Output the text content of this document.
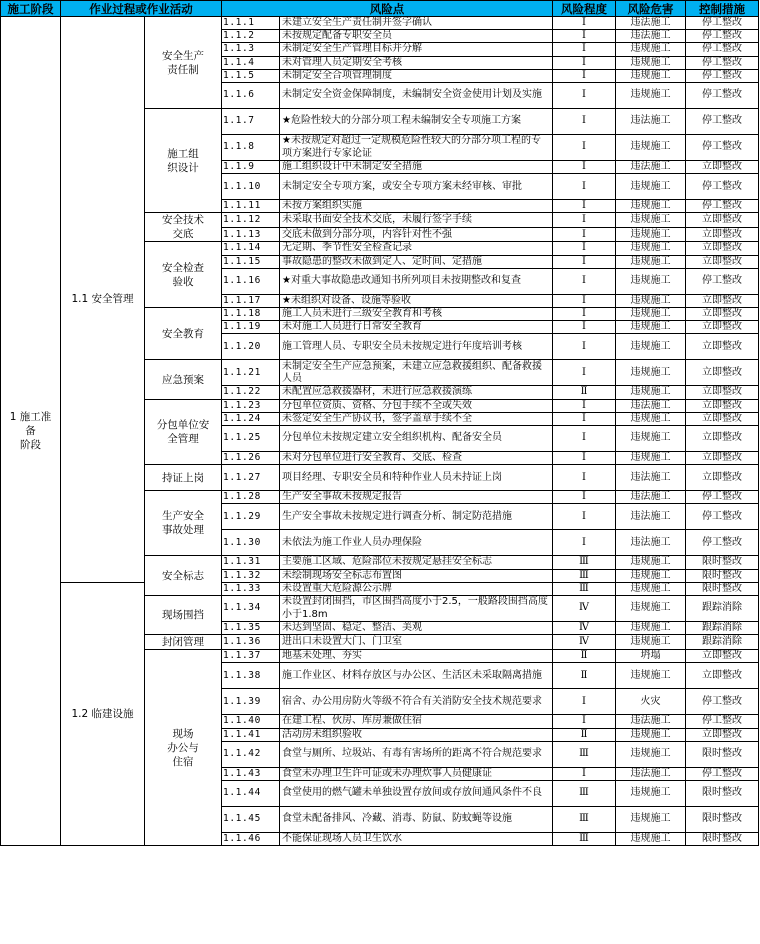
施工阶段	作业过程或作业活动		风险点		风险程度	风险危害	控制措施
1 施工准
备
阶段	1.1 安全管理	安全生产
责任制	1.1.1	未建立安全生产责任制并签字确认	Ⅰ	违法施工	停工整改
			1.1.2	未按规定配备专职安全员	Ⅰ	违法施工	停工整改
			1.1.3	未制定安全生产管理目标并分解	Ⅰ	违规施工	停工整改
			1.1.4	未对管理人员定期安全考核	Ⅰ	违规施工	停工整改
			1.1.5	未制定安全合项管理制度	Ⅰ	违规施工	停工整改
			1.1.6	未制定安全资金保障制度，未编制安全资金使用计划及实施	Ⅰ	违规施工	停工整改
		施工组
织设计	1.1.7	★危险性较大的分部分项工程未编制安全专项施工方案	Ⅰ	违法施工	停工整改
			1.1.8	★未按规定对超过一定规模危险性较大的分部分项工程的专项方案进行专家论证	Ⅰ	违规施工	停工整改
			1.1.9	施工组织设计中未制定安全措施	Ⅰ	违法施工	立即整改
			1.1.10	未制定安全专项方案，或安全专项方案未经审核、审批	Ⅰ	违规施工	停工整改
			1.1.11	未按方案组织实施	Ⅰ	违规施工	停工整改
		安全技术
交底	1.1.12	未采取书面安全技术交底，未履行签字手续	Ⅰ	违规施工	立即整改
			1.1.13	交底未做到分部分项，内容针对性不强	Ⅰ	违规施工	立即整改
		安全检查
验收	1.1.14	无定期、季节性安全检查记录	Ⅰ	违规施工	立即整改
			1.1.15	事故隐患的整改未做到定人、定时间、定措施	Ⅰ	违规施工	立即整改
			1.1.16	★对重大事故隐患改通知书所列项目未按期整改和复查	Ⅰ	违规施工	停工整改
			1.1.17	★未组织对设备、设施等验收	Ⅰ	违规施工	立即整改
		安全教育	1.1.18	施工人员未进行三级安全教育和考核	Ⅰ	违规施工	立即整改
			1.1.19	未对施工人员进行日常安全教育	Ⅰ	违规施工	立即整改
			1.1.20	施工管理人员、专职安全员未按规定进行年度培训考核	Ⅰ	违规施工	立即整改
		应急预案	1.1.21	未制定安全生产应急预案，未建立应急救援组织、配备救援人员	Ⅰ	违规施工	立即整改
			1.1.22	未配置应急救援器材，未进行应急救援演练	Ⅱ	违规施工	立即整改
		分包单位安
全管理	1.1.23	分包单位资质、资格、分包手续不全或失效	Ⅰ	违法施工	立即整改
			1.1.24	未签定安全生产协议书，签字盖章手续不全	Ⅰ	违规施工	立即整改
			1.1.25	分包单位未按规定建立安全组织机构、配备安全员	Ⅰ	违规施工	立即整改
			1.1.26	未对分包单位进行安全教育、交底、检查	Ⅰ	违规施工	立即整改
		持证上岗	1.1.27	项目经理、专职安全员和特种作业人员未持证上岗	Ⅰ	违法施工	立即整改
		生产安全
事故处理	1.1.28	生产安全事故未按规定报告	Ⅰ	违法施工	停工整改
			1.1.29	生产安全事故未按规定进行调查分析、制定防范措施	Ⅰ	违法施工	停工整改
			1.1.30	未依法为施工作业人员办理保险	Ⅰ	违法施工	停工整改
		安全标志	1.1.31	主要施工区域、危险部位未按规定悬挂安全标志	Ⅲ	违规施工	限时整改
			1.1.32	未绘制现场安全标志布置图	Ⅲ	违规施工	限时整改
	1.2 临建设施		1.1.33	未设置重大危险源公示牌	Ⅲ	违规施工	限时整改
		现场围挡	1.1.34	未设置封闭围挡，市区围挡高度小于2.5，一般路段围挡高度小于1.8m	Ⅳ	违规施工	跟踪消除
			1.1.35	未达到坚固、稳定、整洁、美观	Ⅳ	违规施工	跟踪消除
		封闭管理	1.1.36	进出口未设置大门、门卫室	Ⅳ	违规施工	跟踪消除
		现场
办公与
住宿	1.1.37	地基未处理、夯实	Ⅱ	坍塌	立即整改
			1.1.38	施工作业区、材料存放区与办公区、生活区未采取隔离措施	Ⅱ	违规施工	立即整改
			1.1.39	宿舍、办公用房防火等级不符合有关消防安全技术规范要求	Ⅰ	火灾	停工整改
			1.1.40	在建工程、伙房、库房兼做住宿	Ⅰ	违法施工	停工整改
			1.1.41	活动房未组织验收	Ⅱ	违规施工	立即整改
			1.1.42	食堂与厕所、垃圾站、有毒有害场所的距离不符合规范要求	Ⅲ	违规施工	限时整改
			1.1.43	食堂未办理卫生许可证或未办理炊事人员健康证	Ⅰ	违法施工	停工整改
			1.1.44	食堂使用的燃气罐未单独设置存放间或存放间通风条件不良	Ⅲ	违规施工	限时整改
			1.1.45	食堂未配备排风、冷藏、消毒、防鼠、防蚊蝇等设施	Ⅲ	违规施工	限时整改
			1.1.46	不能保证现场人员卫生饮水	Ⅲ	违规施工	限时整改
